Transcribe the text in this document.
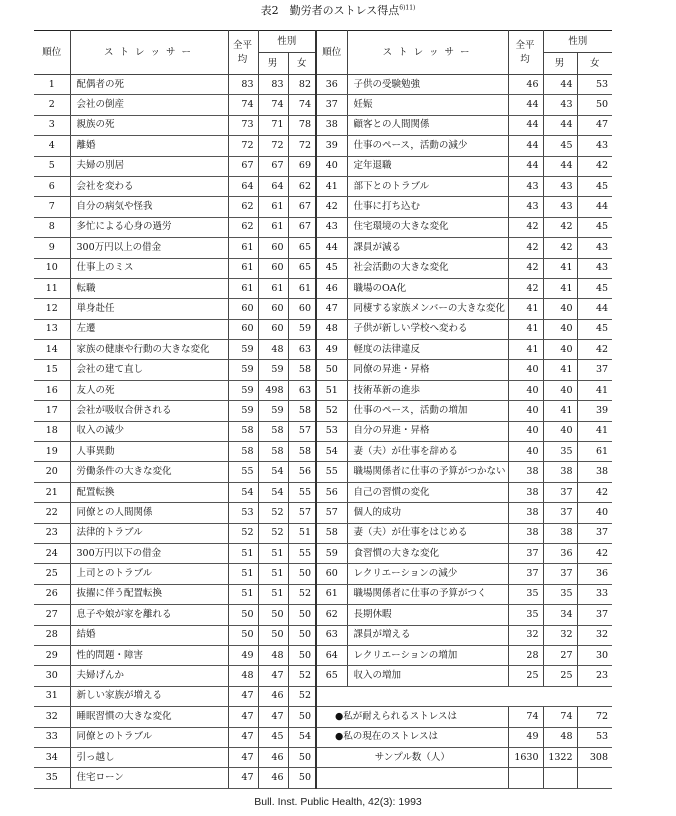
表2　勤労者のストレス得点$^{6)11)}$
順位	ストレッサー	全平均	性別		順位	ストレッサー	全平均	性別	
			男	女				男	女
1	配偶者の死	83	83	82	36	子供の受験勉強	46	44	53
2	会社の倒産	74	74	74	37	妊娠	44	43	50
3	親族の死	73	71	78	38	顧客との人間関係	44	44	47
4	離婚	72	72	72	39	仕事のペース，活動の減少	44	45	43
5	夫婦の別居	67	67	69	40	定年退職	44	44	42
6	会社を変わる	64	64	62	41	部下とのトラブル	43	43	45
7	自分の病気や怪我	62	61	67	42	仕事に打ち込む	43	43	44
8	多忙による心身の過労	62	61	67	43	住宅環境の大きな変化	42	42	45
9	300万円以上の借金	61	60	65	44	課員が減る	42	42	43
10	仕事上のミス	61	60	65	45	社会活動の大きな変化	42	41	43
11	転職	61	61	61	46	職場のOA化	42	41	45
12	単身赴任	60	60	60	47	同棲する家族メンバーの大きな変化	41	40	44
13	左遷	60	60	59	48	子供が新しい学校へ変わる	41	40	45
14	家族の健康や行動の大きな変化	59	48	63	49	軽度の法律違反	41	40	42
15	会社の建て直し	59	59	58	50	同僚の昇進・昇格	40	41	37
16	友人の死	59	498	63	51	技術革新の進歩	40	40	41
17	会社が吸収合併される	59	59	58	52	仕事のペース，活動の増加	40	41	39
18	収入の減少	58	58	57	53	自分の昇進・昇格	40	40	41
19	人事異動	58	58	58	54	妻（夫）が仕事を辞める	40	35	61
20	労働条件の大きな変化	55	54	56	55	職場関係者に仕事の予算がつかない	38	38	38
21	配置転換	54	54	55	56	自己の習慣の変化	38	37	42
22	同僚との人間関係	53	52	57	57	個人的成功	38	37	40
23	法律的トラブル	52	52	51	58	妻（夫）が仕事をはじめる	38	38	37
24	300万円以下の借金	51	51	55	59	食習慣の大きな変化	37	36	42
25	上司とのトラブル	51	51	50	60	レクリエーションの減少	37	37	36
26	抜擢に伴う配置転換	51	51	52	61	職場関係者に仕事の予算がつく	35	35	33
27	息子や娘が家を離れる	50	50	50	62	長期休暇	35	34	37
28	結婚	50	50	50	63	課員が増える	32	32	32
29	性的問題・障害	49	48	50	64	レクリエーションの増加	28	27	30
30	夫婦げんか	48	47	52	65	収入の増加	25	25	23
31	新しい家族が増える	47	46	52					
32	睡眠習慣の大きな変化	47	47	50	●私が耐えられるストレスは		74	74	72
33	同僚とのトラブル	47	45	54	●私の現在のストレスは		49	48	53
34	引っ越し	47	46	50	サンプル数（人）		1630	1322	308
35	住宅ローン	47	46	50					
Bull. Inst. Public Health, 42(3): 1993
